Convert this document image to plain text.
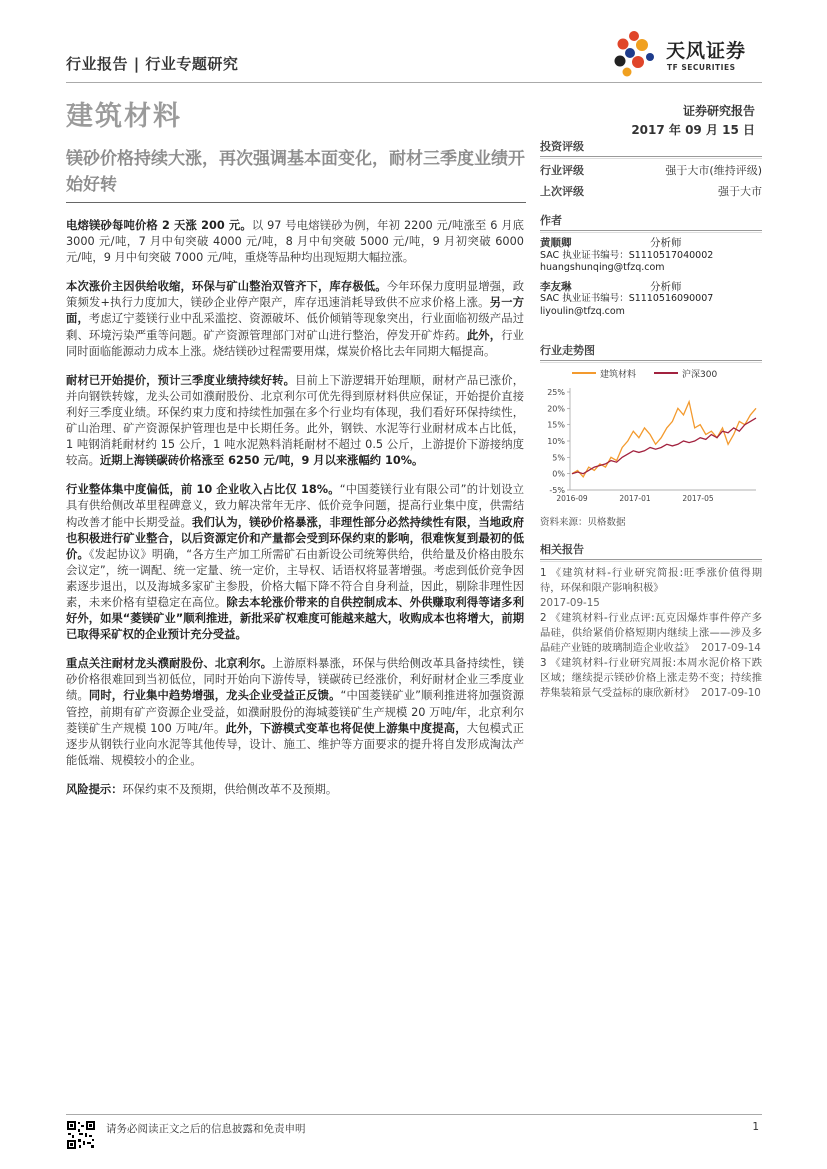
行业报告 | 行业专题研究
天风证券
TF SECURITIES
建筑材料	证券研究报告
2017 年 09 月 15 日
镁砂价格持续大涨，再次强调基本面变化，耐材三季度业绩开始好转

电熔镁砂每吨价格 2 天涨 200 元。以 97 号电熔镁砂为例，年初 2200 元/吨涨至 6 月底 3000 元/吨，7 月中旬突破 4000 元/吨，8 月中旬突破 5000 元/吨，9 月初突破 6000 元/吨，9 月中旬突破 7000 元/吨，重烧等品种均出现短期大幅拉涨。

本次涨价主因供给收缩，环保与矿山整治双管齐下，库存极低。今年环保力度明显增强，政策频发+执行力度加大，镁砂企业停产限产，库存迅速消耗导致供不应求价格上涨。另一方面，考虑辽宁菱镁行业中乱采滥挖、资源破坏、低价倾销等现象突出，行业面临初级产品过剩、环境污染严重等问题。矿产资源管理部门对矿山进行整治，停发开矿炸药。此外，行业同时面临能源动力成本上涨。烧结镁砂过程需要用煤，煤炭价格比去年同期大幅提高。

耐材已开始提价，预计三季度业绩持续好转。目前上下游逻辑开始理顺，耐材产品已涨价，并向钢铁转嫁，龙头公司如濮耐股份、北京利尔可优先得到原材料供应保证，开始提价直接利好三季度业绩。环保约束力度和持续性加强在多个行业均有体现，我们看好环保持续性，矿山治理、矿产资源保护管理也是中长期任务。此外，钢铁、水泥等行业耐材成本占比低，1 吨钢消耗耐材约 15 公斤，1 吨水泥熟料消耗耐材不超过 0.5 公斤，上游提价下游接纳度较高。近期上海镁碳砖价格涨至 6250 元/吨，9 月以来涨幅约 10%。

行业整体集中度偏低，前 10 企业收入占比仅 18%。“中国菱镁行业有限公司”的计划设立具有供给侧改革里程碑意义，致力解决常年无序、低价竞争问题，提高行业集中度，供需结构改善才能中长期受益。我们认为，镁砂价格暴涨，非理性部分必然持续性有限，当地政府也积极进行矿业整合，以后资源定价和产量都会受到环保约束的影响，很难恢复到最初的低价。《发起协议》明确，“各方生产加工所需矿石由新设公司统筹供给，供给量及价格由股东会议定”，统一调配、统一定量、统一定价，主导权、话语权将显著增强。考虑到低价竞争因素逐步退出，以及海城多家矿主参股，价格大幅下降不符合自身利益，因此，剔除非理性因素，未来价格有望稳定在高位。除去本轮涨价带来的自供控制成本、外供赚取利得等诸多利好外，如果“菱镁矿业”顺利推进，新批采矿权难度可能越来越大，收购成本也将增大，前期已取得采矿权的企业预计充分受益。

重点关注耐材龙头濮耐股份、北京利尔。上游原料暴涨，环保与供给侧改革具备持续性，镁砂价格很难回到当初低位，同时开始向下游传导，镁碳砖已经涨价，利好耐材企业三季度业绩。同时，行业集中趋势增强，龙头企业受益正反馈。“中国菱镁矿业”顺利推进将加强资源管控，前期有矿产资源企业受益，如濮耐股份的海城菱镁矿生产规模 20 万吨/年，北京利尔菱镁矿生产规模 100 万吨/年。此外，下游模式变革也将促使上游集中度提高，大包模式正逐步从钢铁行业向水泥等其他传导，设计、施工、维护等方面要求的提升将自发形成淘汰产能低端、规模较小的企业。

风险提示：环保约束不及预期，供给侧改革不及预期。

投资评级
行业评级	强于大市(维持评级)
上次评级	强于大市
作者
黄顺卿	分析师
SAC 执业证书编号：S1110517040002
huangshunqing@tfzq.com
李友琳	分析师
SAC 执业证书编号：S1110516090007
liyoulin@tfzq.com
行业走势图
建筑材料	沪深300
25%
20%
15%
10%
5%
0%
-5%
2016-09	2017-01	2017-05
资料来源：贝格数据
相关报告
1 《建筑材料-行业研究简报:旺季涨价值得期待，环保和限产影响积极》
2017-09-15
2 《建筑材料-行业点评:瓦克因爆炸事件停产多晶硅，供给紧俏价格短期内继续上涨——涉及多晶硅产业链的玻璃制造企业收益》 2017-09-14
3 《建筑材料-行业研究周报:本周水泥价格下跌区域；继续提示镁砂价格上涨走势不变；持续推荐集装箱景气受益标的康欣新材》 2017-09-10
请务必阅读正文之后的信息披露和免责申明	1
